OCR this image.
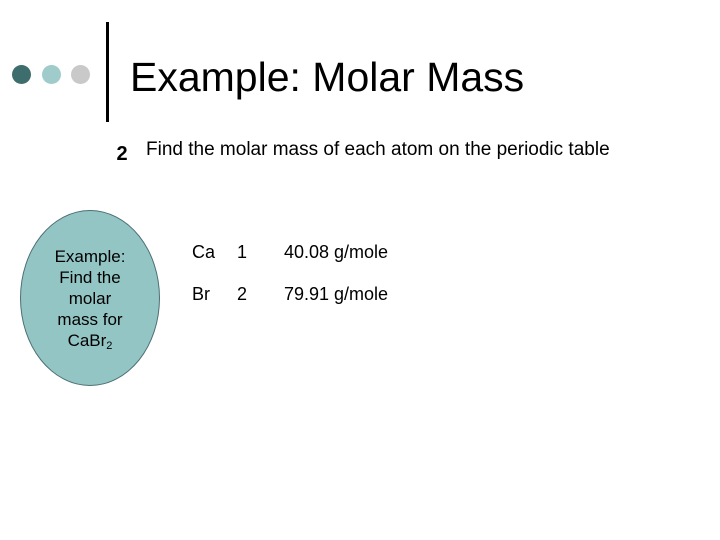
Example: Molar Mass
2 Find the molar mass of each atom on the periodic table
Example:
Find the
molar
mass for
CaBr$_2$
Ca 1 40.08 g/mole
Br 2 79.91 g/mole
